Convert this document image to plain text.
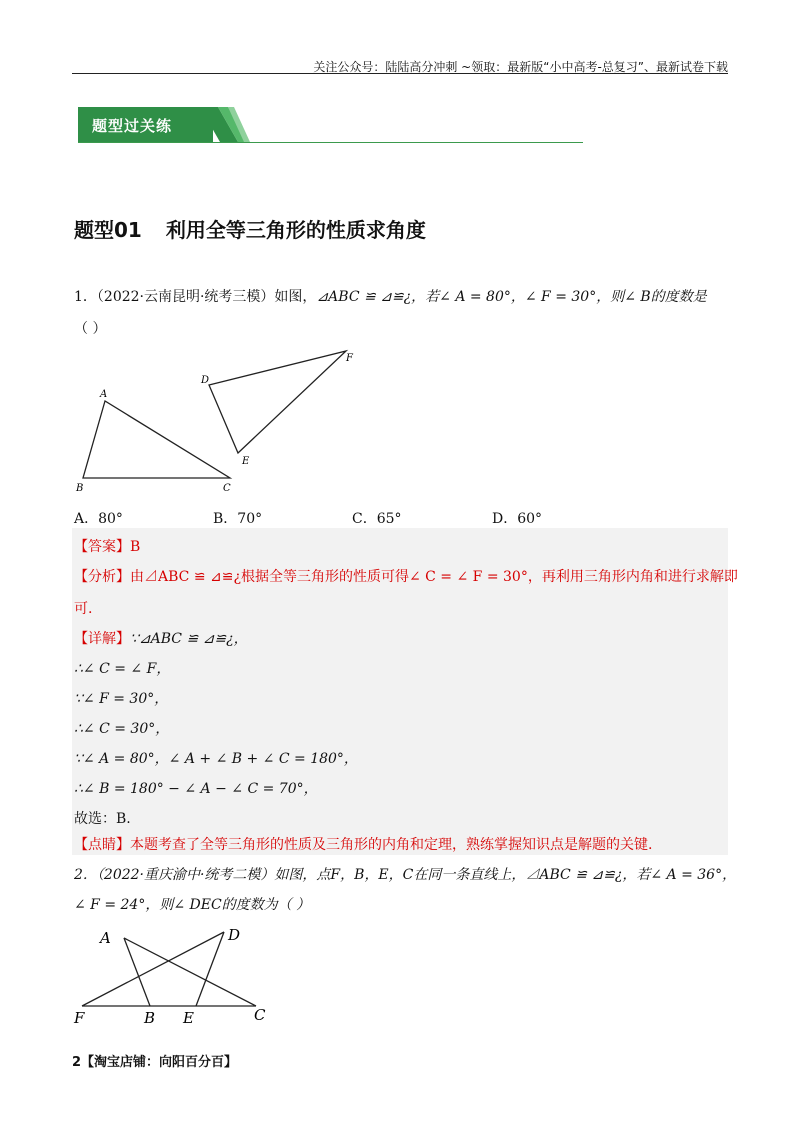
关注公众号：陆陆高分冲刺 ~领取：最新版“小中高考-总复习”、最新试卷下载
题型过关练
题型01 利用全等三角形的性质求角度
1．（2022·云南昆明·统考三模）如图，⊿ABC ≌ ⊿≌¿，若∠ A = 80°，∠ F = 30°，则∠ B的度数是
（ ）
A
B	C
D
E
F
A．80°	B．70°	C．65°	D．60°
【答案】B
【分析】由⊿ABC ≌ ⊿≌¿根据全等三角形的性质可得∠ C = ∠ F = 30°，再利用三角形内角和进行求解即
可.
【详解】∵⊿ABC ≌ ⊿≌¿，
∴∠ C = ∠ F，
∵∠ F = 30°，
∴∠ C = 30°，
∵∠ A = 80°，∠ A + ∠ B + ∠ C = 180°，
∴∠ B = 180° − ∠ A − ∠ C = 70°，
故选：B.
【点睛】本题考查了全等三角形的性质及三角形的内角和定理，熟练掌握知识点是解题的关键.
2．（2022·重庆渝中·统考二模）如图，点F，B，E，C在同一条直线上，⊿ABC ≌ ⊿≌¿，若∠ A = 36°，
∠ F = 24°，则∠ DEC的度数为（ ）
A	D
F	B E	C
2【淘宝店铺：向阳百分百】
